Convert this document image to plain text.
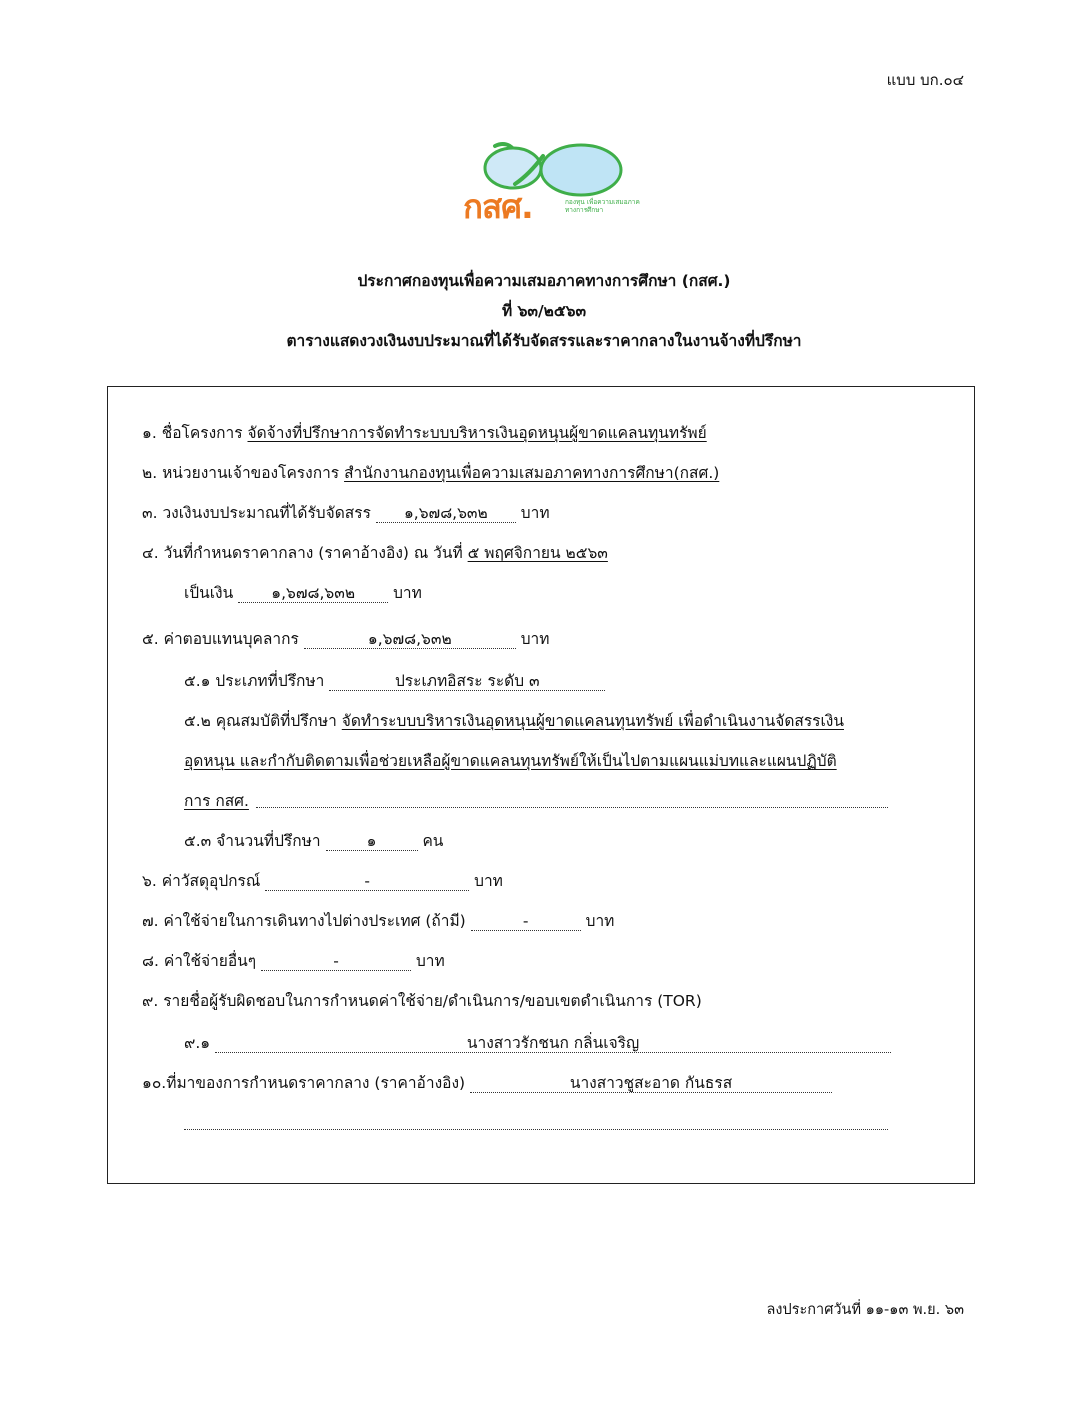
แบบ บก.๐๔
กสศ.	กองทุน เพื่อความเสมอภาค ทางการศึกษา
ประกาศกองทุนเพื่อความเสมอภาคทางการศึกษา (กสศ.)
ที่ ๖๓/๒๕๖๓
ตารางแสดงวงเงินงบประมาณที่ได้รับจัดสรรและราคากลางในงานจ้างที่ปรึกษา
๑. ชื่อโครงการ จัดจ้างที่ปรึกษาการจัดทำระบบบริหารเงินอุดหนุนผู้ขาดแคลนทุนทรัพย์
๒. หน่วยงานเจ้าของโครงการ สำนักงานกองทุนเพื่อความเสมอภาคทางการศึกษา(กสศ.)
๓. วงเงินงบประมาณที่ได้รับจัดสรร ๑,๖๗๘,๖๓๒ บาท
๔. วันที่กำหนดราคากลาง (ราคาอ้างอิง) ณ วันที่ ๕ พฤศจิกายน ๒๕๖๓
เป็นเงิน ๑,๖๗๘,๖๓๒ บาท
๕. ค่าตอบแทนบุคลากร	๑,๖๗๘,๖๓๒	บาท
๕.๑ ประเภทที่ปรึกษา	ประเภทอิสระ ระดับ ๓
๕.๒ คุณสมบัติที่ปรึกษา จัดทำระบบบริหารเงินอุดหนุนผู้ขาดแคลนทุนทรัพย์ เพื่อดำเนินงานจัดสรรเงิน
อุดหนุน และกำกับติดตามเพื่อช่วยเหลือผู้ขาดแคลนทุนทรัพย์ให้เป็นไปตามแผนแม่บทและแผนปฏิบัติ
การ กสศ.
๕.๓ จำนวนที่ปรึกษา	๑	คน
๖. ค่าวัสดุอุปกรณ์	-	บาท
๗. ค่าใช้จ่ายในการเดินทางไปต่างประเทศ (ถ้ามี)	-	บาท
๘. ค่าใช้จ่ายอื่นๆ	-	บาท
๙. รายชื่อผู้รับผิดชอบในการกำหนดค่าใช้จ่าย/ดำเนินการ/ขอบเขตดำเนินการ (TOR)
๙.๑	นางสาวรักชนก กลิ่นเจริญ
๑๐.ที่มาของการกำหนดราคากลาง (ราคาอ้างอิง)	นางสาวชูสะอาด กันธรส
ลงประกาศวันที่ ๑๑-๑๓ พ.ย. ๖๓
